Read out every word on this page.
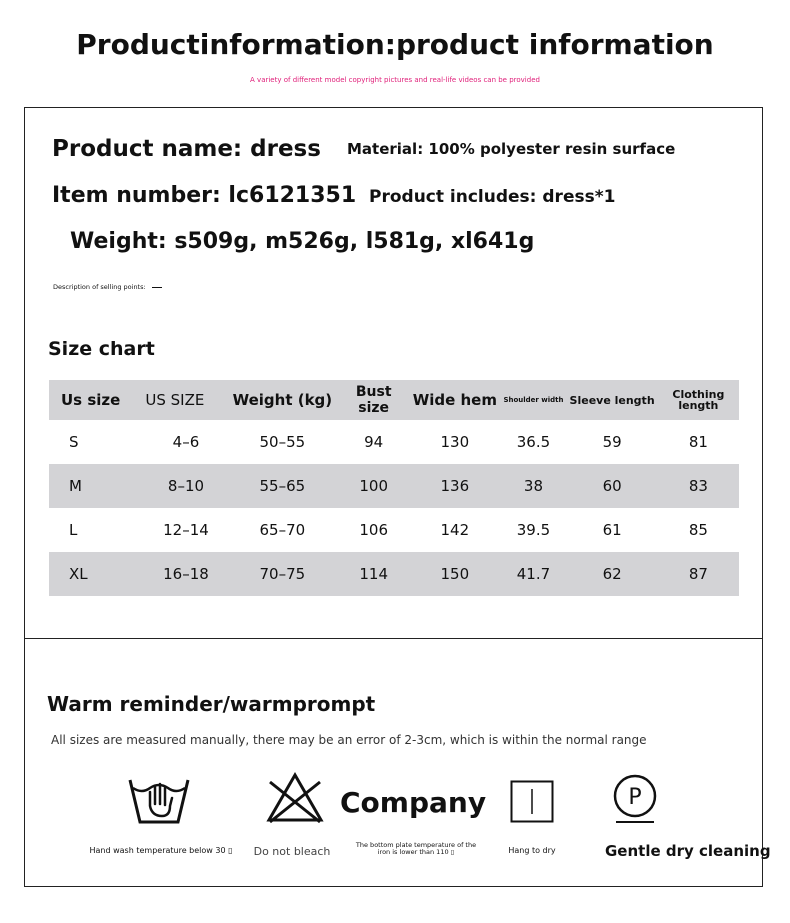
Productinformation:product information
A variety of different model copyright pictures and real-life videos can be provided
Product name: dress Material: 100% polyester resin surface
Item number: lc6121351 Product includes: dress*1
Weight: s509g, m526g, l581g, xl641g
Description of selling points:
Size chart
Us size	US SIZE	Weight (kg)	Bust size	Wide hem	Shoulder width	Sleeve length	Clothing length
S	4–6	50–55	94	130	36.5	59	81
M	8–10	55–65	100	136	38	60	83
L	12–14	65–70	106	142	39.5	61	85
XL	16–18	70–75	114	150	41.7	62	87
Warm reminder/warmprompt
All sizes are measured manually, there may be an error of 2-3cm, which is within the normal range
Hand wash temperature below 30 ▯	Do not bleach
Company
The bottom plate temperature of the iron is lower than 110 ▯	Hang to dry
P
Gentle dry cleaning
